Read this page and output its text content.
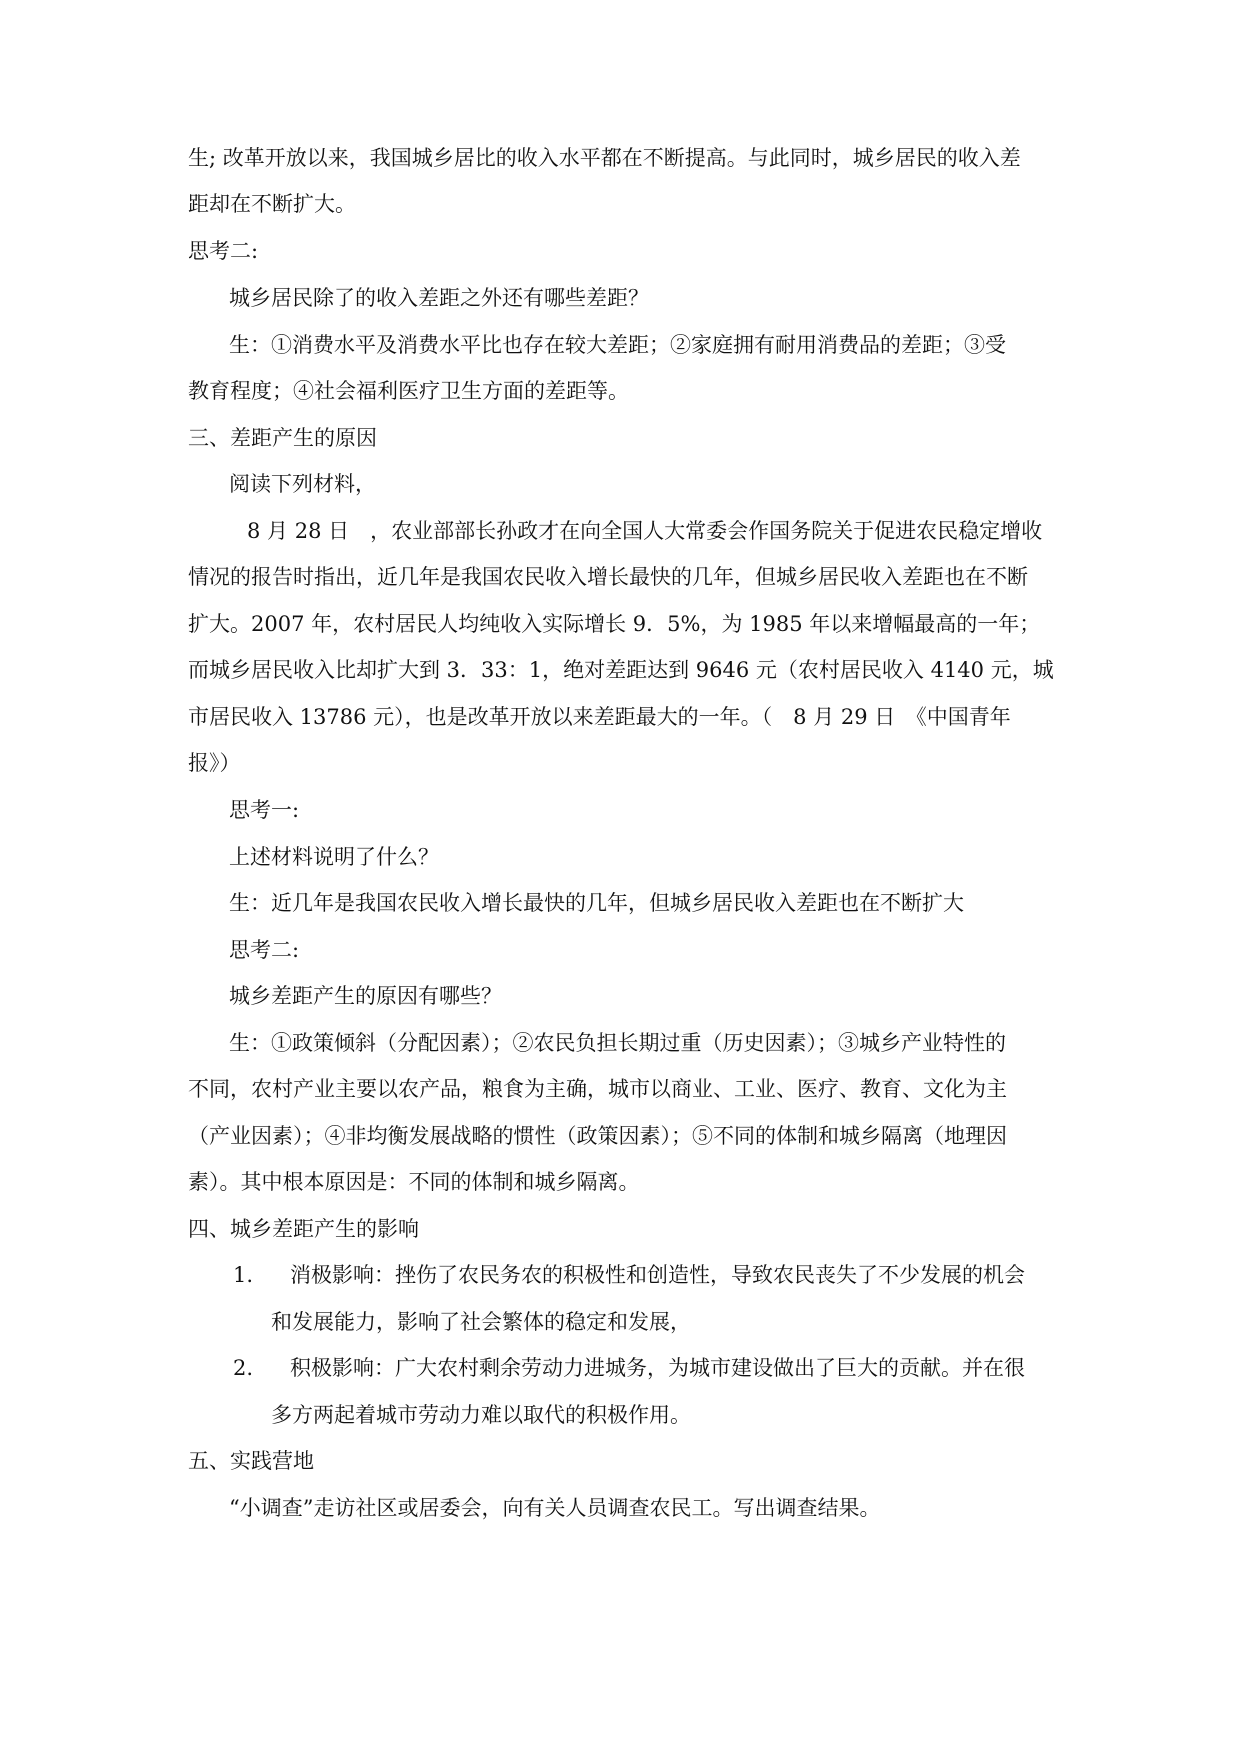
生; 改革开放以来，我国城乡居比的收入水平都在不断提高。与此同时，城乡居民的收入差
距却在不断扩大。
思考二:
城乡居民除了的收入差距之外还有哪些差距？
生：①消费水平及消费水平比也存在较大差距；②家庭拥有耐用消费品的差距；③受
教育程度；④社会福利医疗卫生方面的差距等。
三、差距产生的原因
阅读下列材料，
8 月 28 日　，农业部部长孙政才在向全国人大常委会作国务院关于促进农民稳定增收
情况的报告时指出，近几年是我国农民收入增长最快的几年，但城乡居民收入差距也在不断
扩大。2007 年，农村居民人均纯收入实际增长 9．5%，为 1985 年以来增幅最高的一年；
而城乡居民收入比却扩大到 3．33：1，绝对差距达到 9646 元（农村居民收入 4140 元，城
市居民收入 13786 元），也是改革开放以来差距最大的一年。（　8 月 29 日　《中国青年
报》）
思考一:
上述材料说明了什么？
生：近几年是我国农民收入增长最快的几年，但城乡居民收入差距也在不断扩大
思考二:
城乡差距产生的原因有哪些？
生：①政策倾斜（分配因素）；②农民负担长期过重（历史因素）；③城乡产业特性的
不同，农村产业主要以农产品，粮食为主确，城市以商业、工业、医疗、教育、文化为主
（产业因素）；④非均衡发展战略的惯性（政策因素）；⑤不同的体制和城乡隔离（地理因
素）。其中根本原因是：不同的体制和城乡隔离。
四、城乡差距产生的影响
1. 消极影响：挫伤了农民务农的积极性和创造性，导致农民丧失了不少发展的机会
和发展能力，影响了社会繁体的稳定和发展，
2. 积极影响：广大农村剩余劳动力进城务，为城市建设做出了巨大的贡献。并在很
多方两起着城市劳动力难以取代的积极作用。
五、实践营地
“小调查”走访社区或居委会，向有关人员调查农民工。写出调查结果。
